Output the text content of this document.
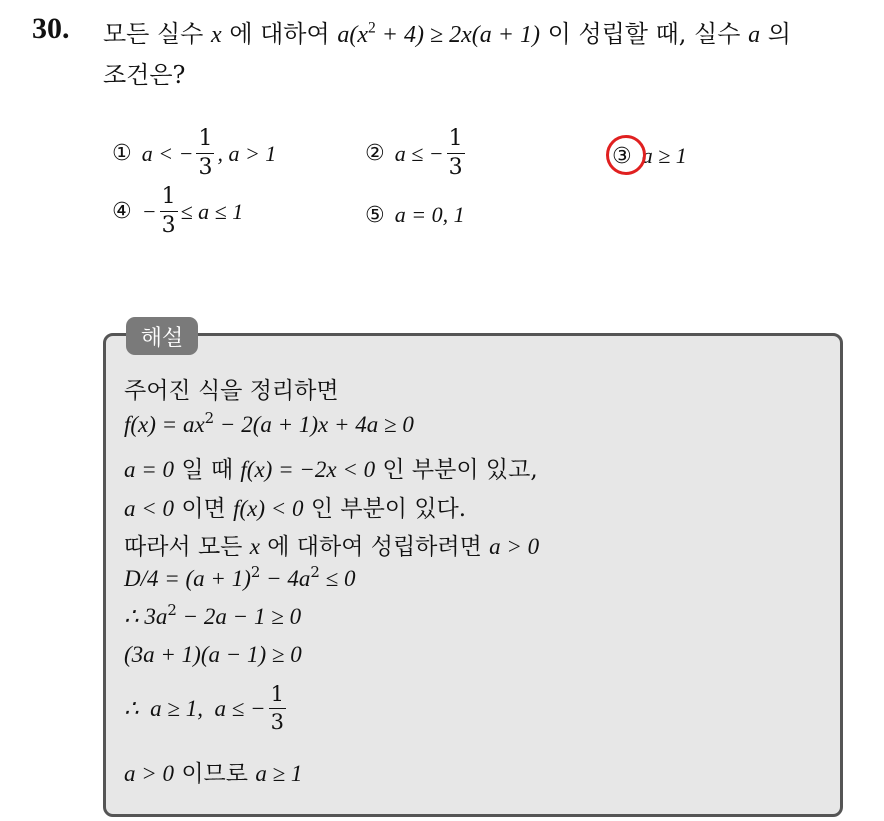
30. 모든 실수 x 에 대하여 $a(x^2 + 4) \ge 2x(a + 1)$ 이 성립할 때, 실수 a 의
조건은?
① a < − $\frac{1}{3}$ , a > 1	② a ≤ − $\frac{1}{3}$	③ a ≥ 1
④ − $\frac{1}{3} \le a \le 1$	⑤ a = 0, 1
해설
주어진 식을 정리하면
$f(x) = ax^2 - 2(a + 1)x + 4a \ge 0$
a = 0 일 때 f(x) = −2x < 0 인 부분이 있고,
a < 0 이면 f(x) < 0 인 부분이 있다.
따라서 모든 x 에 대하여 성립하려면 a > 0
$D/4 = (a + 1)^2 - 4a^2 \le 0$
∴ $3a^2 - 2a - 1 \ge 0$
(3a + 1)(a − 1) ≥ 0
∴  a ≥ 1,  a ≤ − $\frac{1}{3}$
a > 0 이므로 a ≥ 1
